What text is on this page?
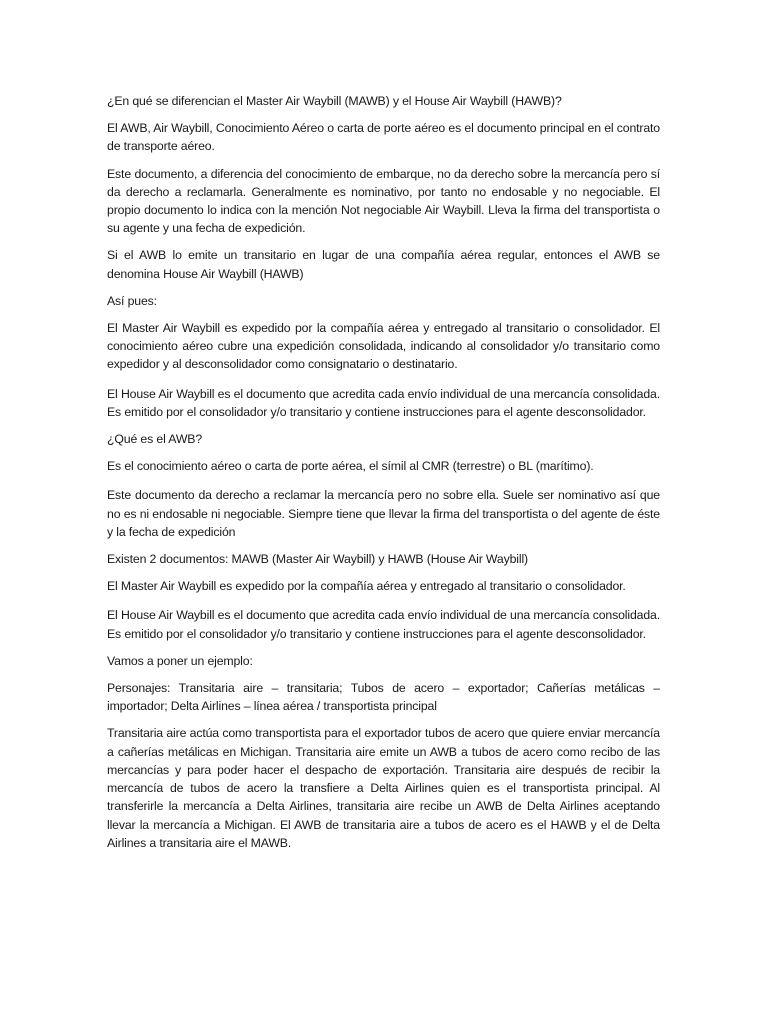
¿En qué se diferencian el Master Air Waybill (MAWB) y el House Air Waybill (HAWB)?

El AWB, Air Waybill, Conocimiento Aéreo o carta de porte aéreo es el documento principal en el contrato de transporte aéreo.

Este documento, a diferencia del conocimiento de embarque, no da derecho sobre la mercancía pero sí da derecho a reclamarla. Generalmente es nominativo, por tanto no endosable y no negociable. El propio documento lo indica con la mención Not negociable Air Waybill. Lleva la firma del transportista o su agente y una fecha de expedición.

Si el AWB lo emite un transitario en lugar de una compañía aérea regular, entonces el AWB se denomina House Air Waybill (HAWB)

Así pues:

El Master Air Waybill es expedido por la compañía aérea y entregado al transitario o consolidador. El conocimiento aéreo cubre una expedición consolidada, indicando al consolidador y/o transitario como expedidor y al desconsolidador como consignatario o destinatario.

El House Air Waybill es el documento que acredita cada envío individual de una mercancía consolidada. Es emitido por el consolidador y/o transitario y contiene instrucciones para el agente desconsolidador.

¿Qué es el AWB?

Es el conocimiento aéreo o carta de porte aérea, el símil al CMR (terrestre) o BL (marítimo).

Este documento da derecho a reclamar la mercancía pero no sobre ella. Suele ser nominativo así que no es ni endosable ni negociable. Siempre tiene que llevar la firma del transportista o del agente de éste y la fecha de expedición

Existen 2 documentos: MAWB (Master Air Waybill) y HAWB (House Air Waybill)

El Master Air Waybill es expedido por la compañía aérea y entregado al transitario o consolidador.

El House Air Waybill es el documento que acredita cada envío individual de una mercancía consolidada. Es emitido por el consolidador y/o transitario y contiene instrucciones para el agente desconsolidador.

Vamos a poner un ejemplo:

Personajes: Transitaria aire – transitaria; Tubos de acero – exportador; Cañerías metálicas – importador; Delta Airlines – línea aérea / transportista principal

Transitaria aire actúa como transportista para el exportador tubos de acero que quiere enviar mercancía a cañerías metálicas en Michigan. Transitaria aire emite un AWB a tubos de acero como recibo de las mercancías y para poder hacer el despacho de exportación. Transitaria aire después de recibir la mercancía de tubos de acero la transfiere a Delta Airlines quien es el transportista principal. Al transferirle la mercancía a Delta Airlines, transitaria aire recibe un AWB de Delta Airlines aceptando llevar la mercancía a Michigan. El AWB de transitaria aire a tubos de acero es el HAWB y el de Delta Airlines a transitaria aire el MAWB.
